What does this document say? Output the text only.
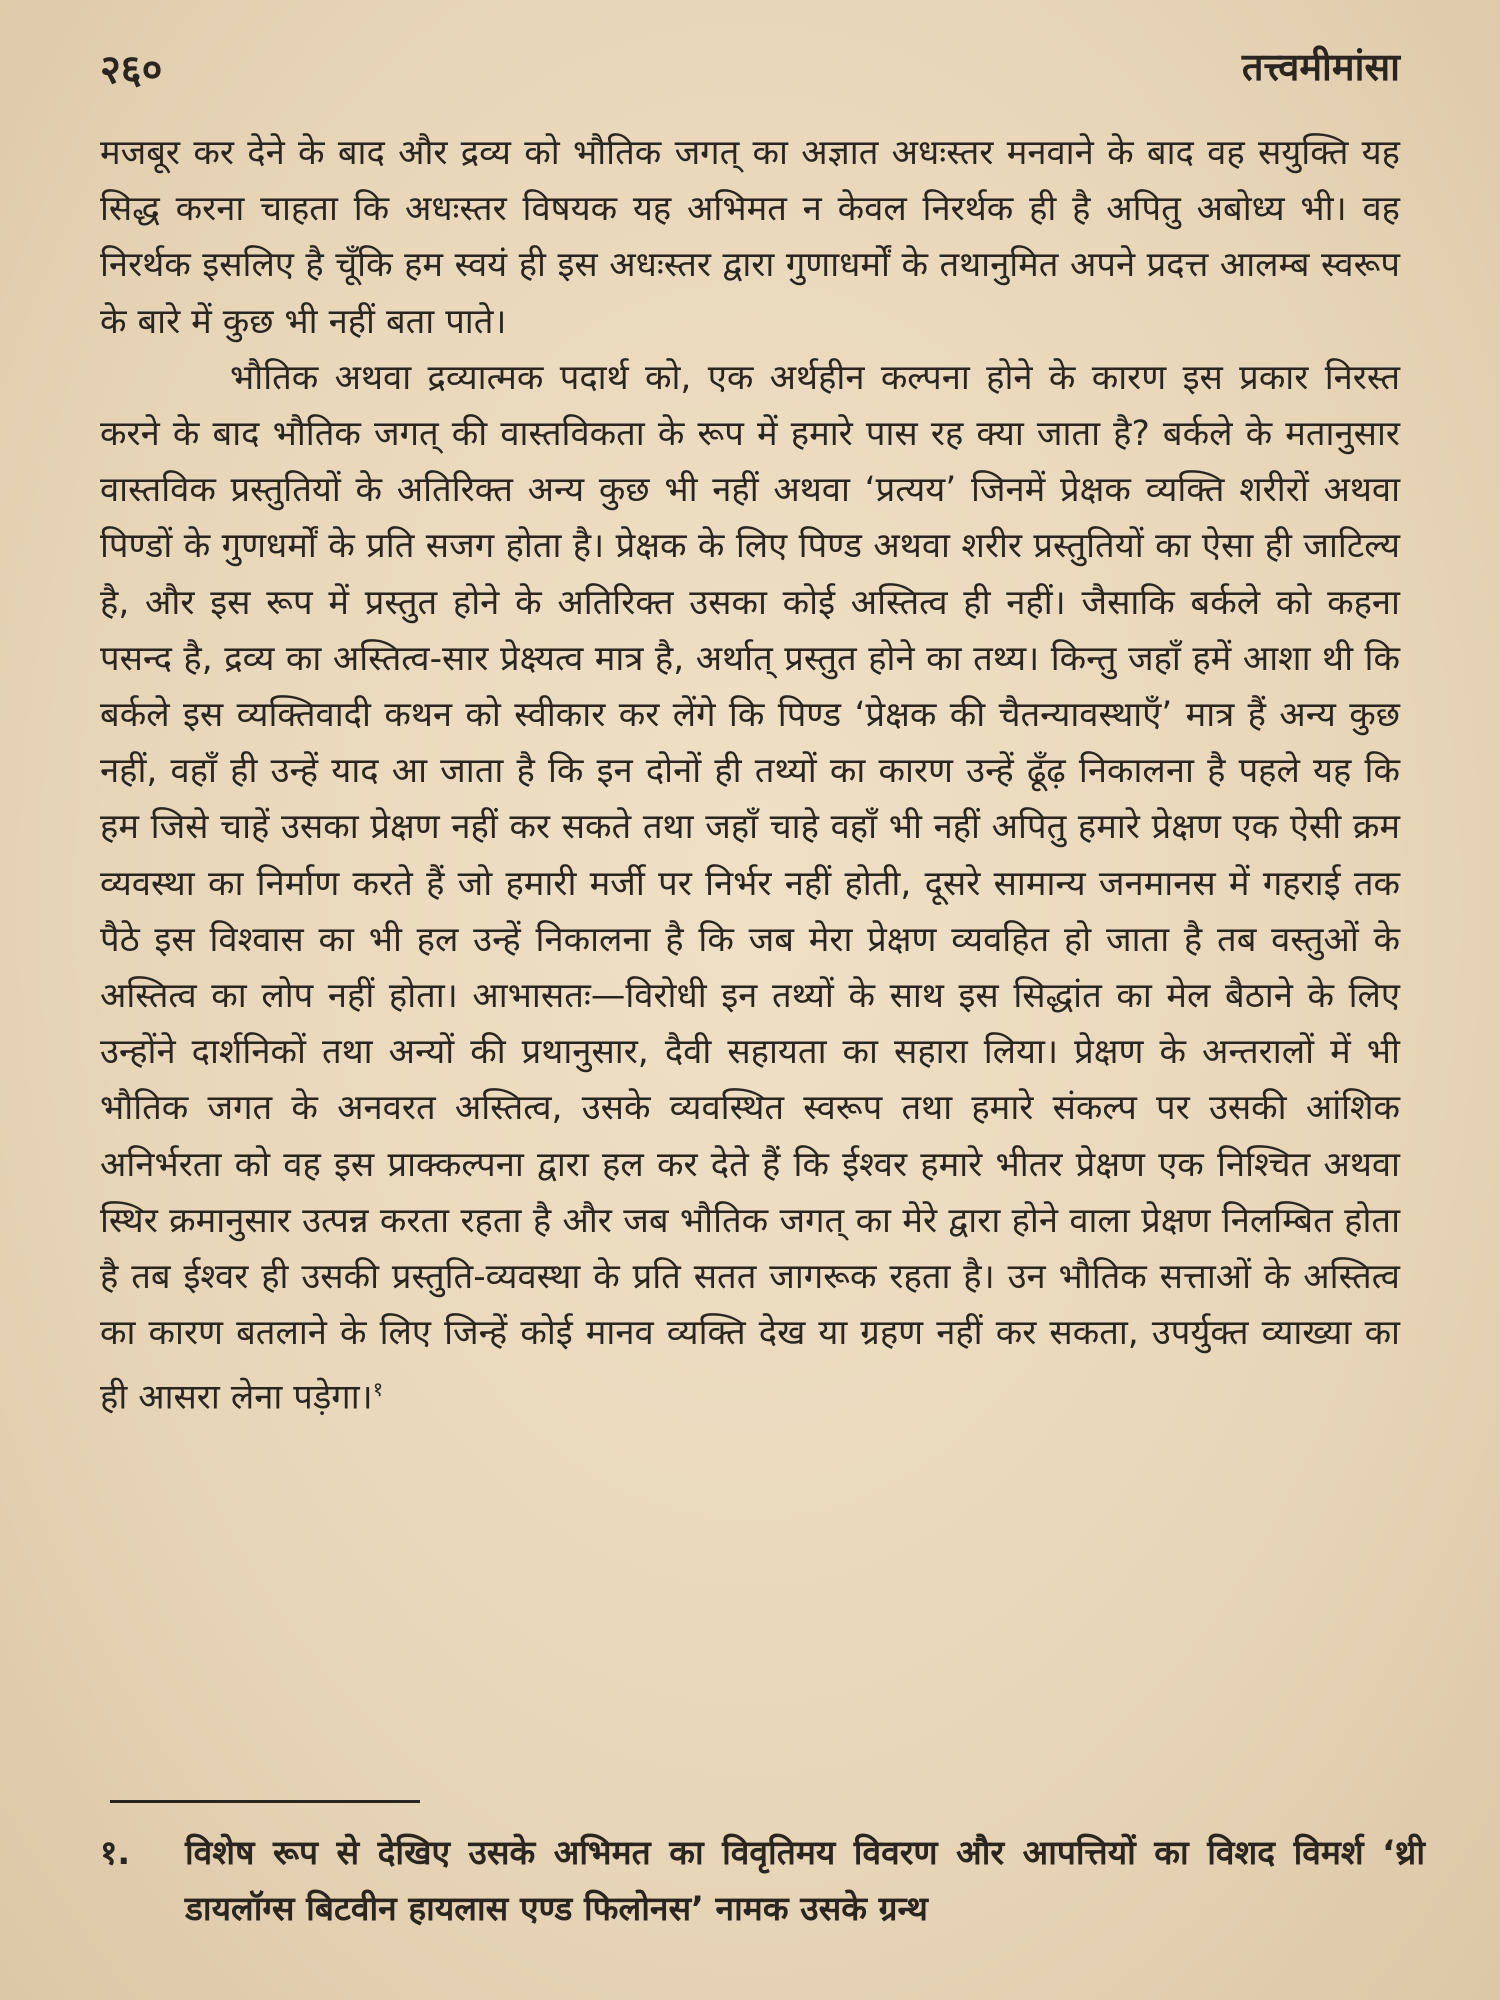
२६०	तत्त्वमीमांसा

मजबूर कर देने के बाद और द्रव्य को भौतिक जगत् का अज्ञात अधःस्तर मनवाने के बाद वह सयुक्ति यह सिद्ध करना चाहता कि अधःस्तर विषयक यह अभिमत न केवल निरर्थक ही है अपितु अबोध्य भी। वह निरर्थक इसलिए है चूँकि हम स्वयं ही इस अधःस्तर द्वारा गुणाधर्मों के तथानुमित अपने प्रदत्त आलम्ब स्वरूप के बारे में कुछ भी नहीं बता पाते।

भौतिक अथवा द्रव्यात्मक पदार्थ को, एक अर्थहीन कल्पना होने के कारण इस प्रकार निरस्त करने के बाद भौतिक जगत् की वास्तविकता के रूप में हमारे पास रह क्या जाता है? बर्कले के मतानुसार वास्तविक प्रस्तुतियों के अतिरिक्त अन्य कुछ भी नहीं अथवा ‘प्रत्यय’ जिनमें प्रेक्षक व्यक्ति शरीरों अथवा पिण्डों के गुणधर्मों के प्रति सजग होता है। प्रेक्षक के लिए पिण्ड अथवा शरीर प्रस्तुतियों का ऐसा ही जाटिल्य है, और इस रूप में प्रस्तुत होने के अतिरिक्त उसका कोई अस्तित्व ही नहीं। जैसाकि बर्कले को कहना पसन्द है, द्रव्य का अस्तित्व-सार प्रेक्ष्यत्व मात्र है, अर्थात् प्रस्तुत होने का तथ्य। किन्तु जहाँ हमें आशा थी कि बर्कले इस व्यक्तिवादी कथन को स्वीकार कर लेंगे कि पिण्ड ‘प्रेक्षक की चैतन्यावस्थाएँ’ मात्र हैं अन्य कुछ नहीं, वहाँ ही उन्हें याद आ जाता है कि इन दोनों ही तथ्यों का कारण उन्हें ढूँढ़ निकालना है पहले यह कि हम जिसे चाहें उसका प्रेक्षण नहीं कर सकते तथा जहाँ चाहे वहाँ भी नहीं अपितु हमारे प्रेक्षण एक ऐसी क्रम व्यवस्था का निर्माण करते हैं जो हमारी मर्जी पर निर्भर नहीं होती, दूसरे सामान्य जनमानस में गहराई तक पैठे इस विश्वास का भी हल उन्हें निकालना है कि जब मेरा प्रेक्षण व्यवहित हो जाता है तब वस्तुओं के अस्तित्व का लोप नहीं होता। आभासतः—विरोधी इन तथ्यों के साथ इस सिद्धांत का मेल बैठाने के लिए उन्होंने दार्शनिकों तथा अन्यों की प्रथानुसार, दैवी सहायता का सहारा लिया। प्रेक्षण के अन्तरालों में भी भौतिक जगत के अनवरत अस्तित्व, उसके व्यवस्थित स्वरूप तथा हमारे संकल्प पर उसकी आंशिक अनिर्भरता को वह इस प्राक्कल्पना द्वारा हल कर देते हैं कि ईश्वर हमारे भीतर प्रेक्षण एक निश्चित अथवा स्थिर क्रमानुसार उत्पन्न करता रहता है और जब भौतिक जगत् का मेरे द्वारा होने वाला प्रेक्षण निलम्बित होता है तब ईश्वर ही उसकी प्रस्तुति-व्यवस्था के प्रति सतत जागरूक रहता है। उन भौतिक सत्ताओं के अस्तित्व का कारण बतलाने के लिए जिन्हें कोई मानव व्यक्ति देख या ग्रहण नहीं कर सकता, उपर्युक्त व्याख्या का ही आसरा लेना पड़ेगा।$^१$

१.	विशेष रूप से देखिए उसके अभिमत का विवृतिमय विवरण और आपत्तियों का विशद विमर्श ‘थ्री डायलॉग्स बिटवीन हायलास एण्ड फिलोनस’ नामक उसके ग्रन्थ
